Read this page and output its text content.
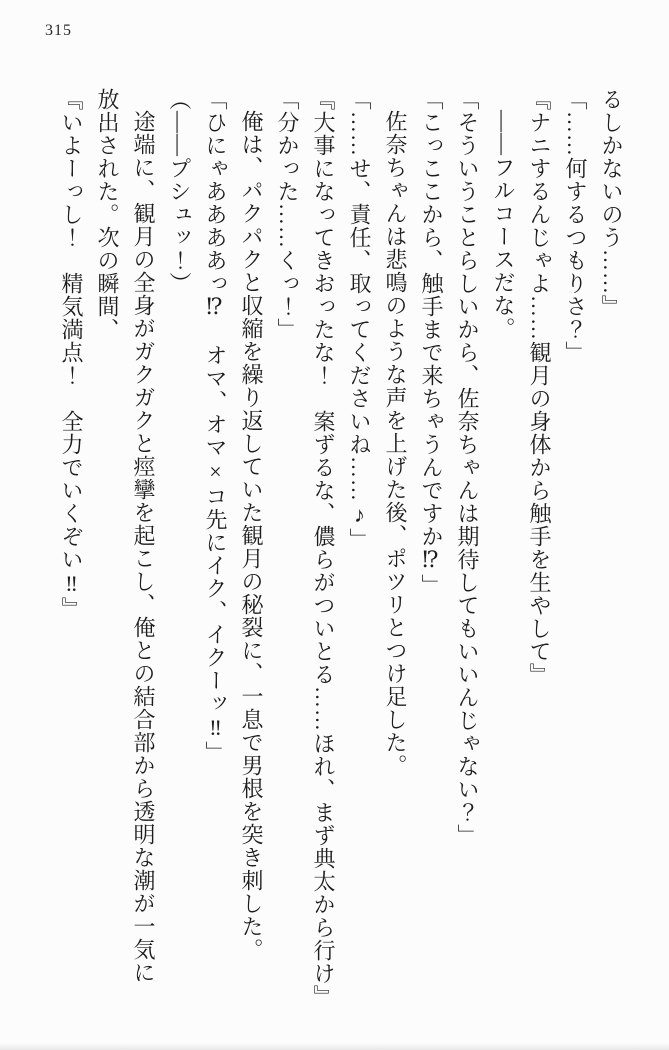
315

るしかないのう……』

「……何するつもりさ？」

『ナニするんじゃよ……観月の身体から触手を生やして』

——フルコースだな。

「そういうことらしいから、佐奈ちゃんは期待してもいいんじゃない？」

「こっここから、触手まで来ちゃうんですか⁉」

佐奈ちゃんは悲鳴のような声を上げた後、ポツリとつけ足した。

「……せ、責任、取ってくださいね……♪」

『大事になってきおったな！　案ずるな、儂らがついとる……ほれ、まず典太から行け』

「分かった……くっ！」

俺は、パクパクと収縮を繰り返していた観月の秘裂に、一息で男根を突き刺した。

「ひにゃああああっ⁉　オマ、オマ×コ先にイク、イクーッ‼」

（——プシュッ！）

途端に、観月の全身がガクガクと痙攣を起こし、俺との結合部から透明な潮が一気に放出された。次の瞬間、

『いよーっし！　精気満点！　全力でいくぞい‼』
